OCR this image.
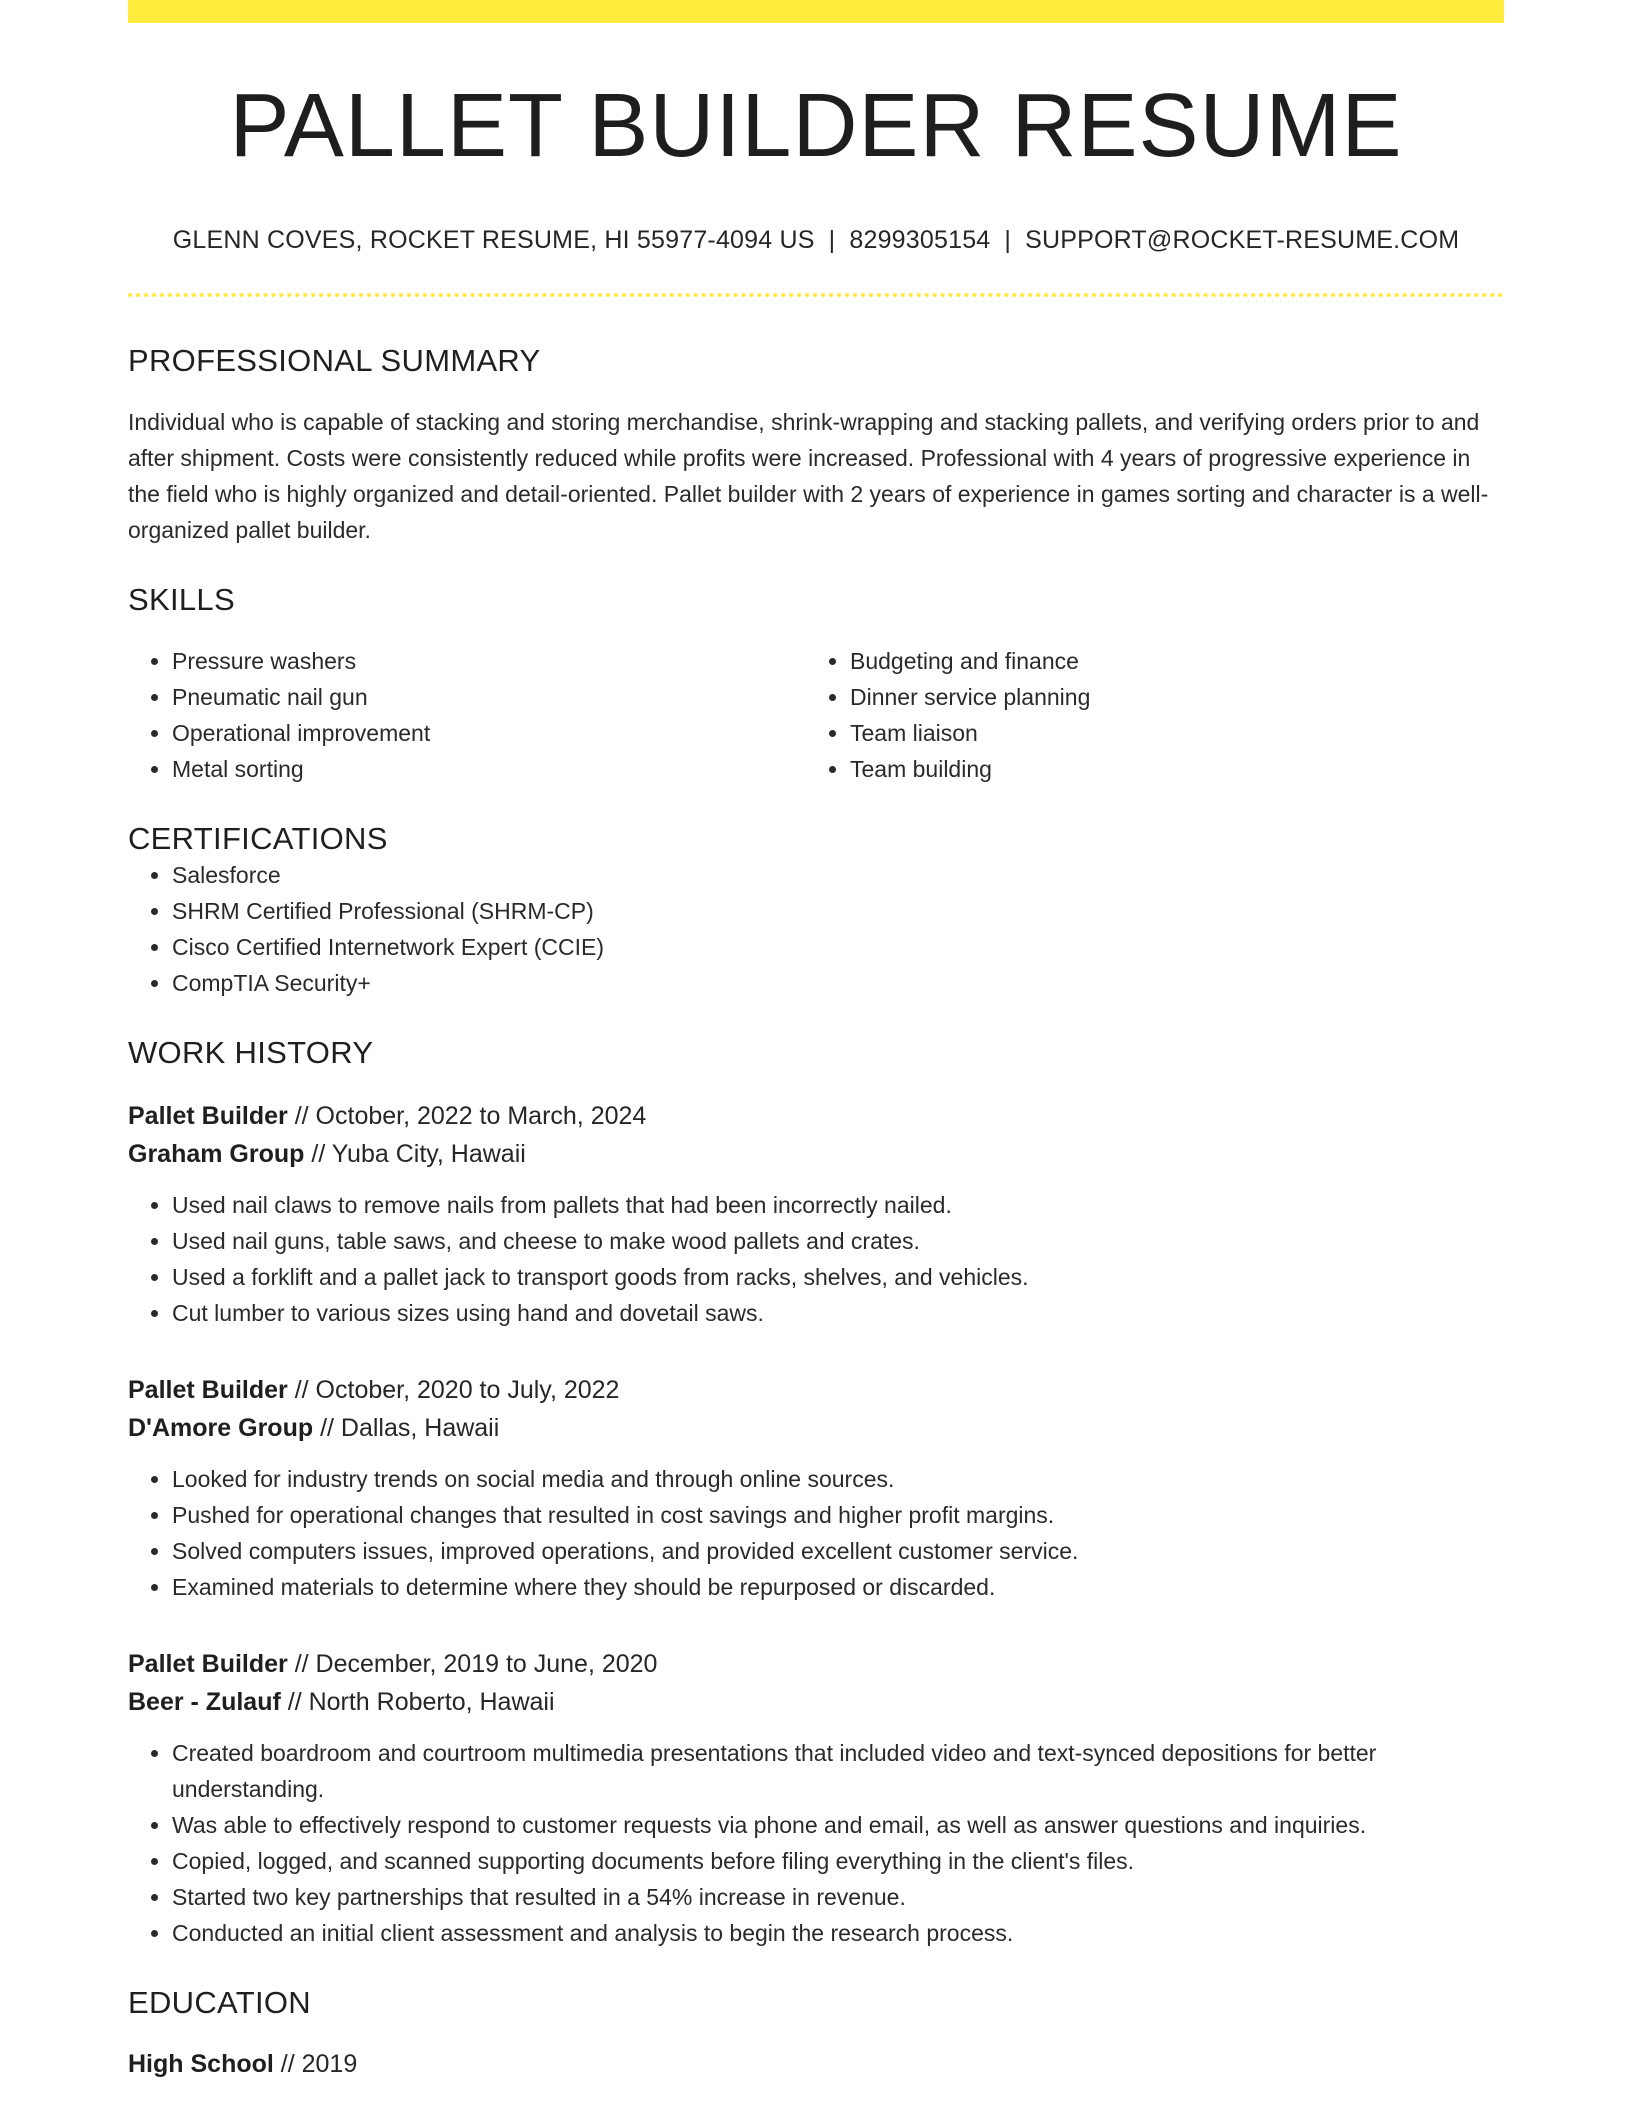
PALLET BUILDER RESUME
GLENN COVES, ROCKET RESUME, HI 55977-4094 US | 8299305154 | SUPPORT@ROCKET-RESUME.COM
PROFESSIONAL SUMMARY

Individual who is capable of stacking and storing merchandise, shrink-wrapping and stacking pallets, and verifying orders prior to and after shipment. Costs were consistently reduced while profits were increased. Professional with 4 years of progressive experience in the field who is highly organized and detail-oriented. Pallet builder with 2 years of experience in games sorting and character is a well-organized pallet builder.

SKILLS
• Pressure washers
• Pneumatic nail gun
• Operational improvement
• Metal sorting
• Budgeting and finance
• Dinner service planning
• Team liaison
• Team building
CERTIFICATIONS
• Salesforce
• SHRM Certified Professional (SHRM-CP)
• Cisco Certified Internetwork Expert (CCIE)
• CompTIA Security+
WORK HISTORY
Pallet Builder // October, 2022 to March, 2024
Graham Group // Yuba City, Hawaii
• Used nail claws to remove nails from pallets that had been incorrectly nailed.
• Used nail guns, table saws, and cheese to make wood pallets and crates.
• Used a forklift and a pallet jack to transport goods from racks, shelves, and vehicles.
• Cut lumber to various sizes using hand and dovetail saws.
Pallet Builder // October, 2020 to July, 2022
D'Amore Group // Dallas, Hawaii
• Looked for industry trends on social media and through online sources.
• Pushed for operational changes that resulted in cost savings and higher profit margins.
• Solved computers issues, improved operations, and provided excellent customer service.
• Examined materials to determine where they should be repurposed or discarded.
Pallet Builder // December, 2019 to June, 2020
Beer - Zulauf // North Roberto, Hawaii
• Created boardroom and courtroom multimedia presentations that included video and text-synced depositions for better understanding.
• Was able to effectively respond to customer requests via phone and email, as well as answer questions and inquiries.
• Copied, logged, and scanned supporting documents before filing everything in the client's files.
• Started two key partnerships that resulted in a 54% increase in revenue.
• Conducted an initial client assessment and analysis to begin the research process.
EDUCATION
High School // 2019
